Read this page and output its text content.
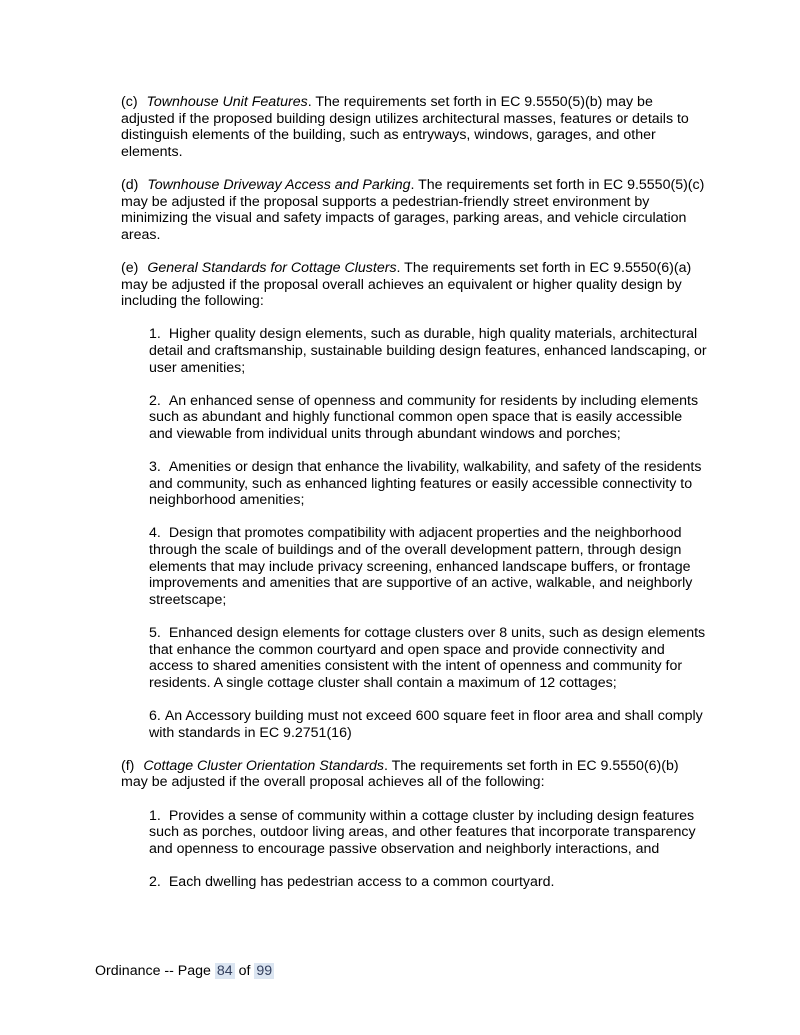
(c) Townhouse Unit Features. The requirements set forth in EC 9.5550(5)(b) may be adjusted if the proposed building design utilizes architectural masses, features or details to distinguish elements of the building, such as entryways, windows, garages, and other elements.

(d) Townhouse Driveway Access and Parking. The requirements set forth in EC 9.5550(5)(c) may be adjusted if the proposal supports a pedestrian-friendly street environment by minimizing the visual and safety impacts of garages, parking areas, and vehicle circulation areas.

(e) General Standards for Cottage Clusters. The requirements set forth in EC 9.5550(6)(a) may be adjusted if the proposal overall achieves an equivalent or higher quality design by including the following:

1. Higher quality design elements, such as durable, high quality materials, architectural detail and craftsmanship, sustainable building design features, enhanced landscaping, or user amenities;

2. An enhanced sense of openness and community for residents by including elements such as abundant and highly functional common open space that is easily accessible and viewable from individual units through abundant windows and porches;

3. Amenities or design that enhance the livability, walkability, and safety of the residents and community, such as enhanced lighting features or easily accessible connectivity to neighborhood amenities;

4. Design that promotes compatibility with adjacent properties and the neighborhood through the scale of buildings and of the overall development pattern, through design elements that may include privacy screening, enhanced landscape buffers, or frontage improvements and amenities that are supportive of an active, walkable, and neighborly streetscape;

5. Enhanced design elements for cottage clusters over 8 units, such as design elements that enhance the common courtyard and open space and provide connectivity and access to shared amenities consistent with the intent of openness and community for residents. A single cottage cluster shall contain a maximum of 12 cottages;

6. An Accessory building must not exceed 600 square feet in floor area and shall comply with standards in EC 9.2751(16)

(f) Cottage Cluster Orientation Standards. The requirements set forth in EC 9.5550(6)(b) may be adjusted if the overall proposal achieves all of the following:

1. Provides a sense of community within a cottage cluster by including design features such as porches, outdoor living areas, and other features that incorporate transparency and openness to encourage passive observation and neighborly interactions, and

2. Each dwelling has pedestrian access to a common courtyard.

Ordinance -- Page 84 of 99
